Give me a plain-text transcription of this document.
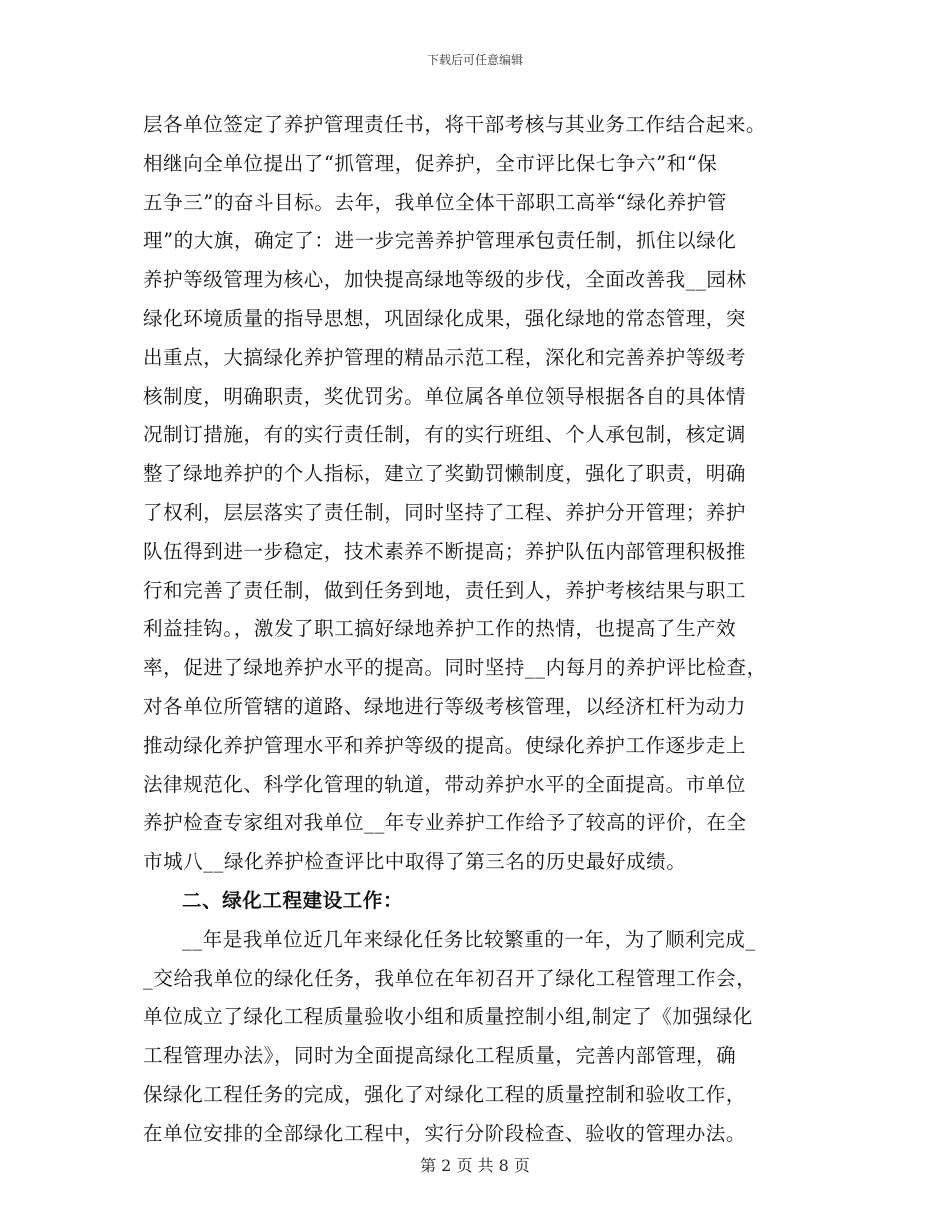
下载后可任意编辑
层各单位签定了养护管理责任书，将干部考核与其业务工作结合起来。
相继向全单位提出了“抓管理，促养护，全市评比保七争六”和“保
五争三”的奋斗目标。去年，我单位全体干部职工高举“绿化养护管
理”的大旗，确定了：进一步完善养护管理承包责任制，抓住以绿化
养护等级管理为核心，加快提高绿地等级的步伐，全面改善我__园林
绿化环境质量的指导思想，巩固绿化成果，强化绿地的常态管理，突
出重点，大搞绿化养护管理的精品示范工程，深化和完善养护等级考
核制度，明确职责，奖优罚劣。单位属各单位领导根据各自的具体情
况制订措施，有的实行责任制，有的实行班组、个人承包制，核定调
整了绿地养护的个人指标，建立了奖勤罚懒制度，强化了职责，明确
了权利，层层落实了责任制，同时坚持了工程、养护分开管理；养护
队伍得到进一步稳定，技术素养不断提高；养护队伍内部管理积极推
行和完善了责任制，做到任务到地，责任到人，养护考核结果与职工
利益挂钩。，激发了职工搞好绿地养护工作的热情，也提高了生产效
率，促进了绿地养护水平的提高。同时坚持__内每月的养护评比检查，
对各单位所管辖的道路、绿地进行等级考核管理，以经济杠杆为动力
推动绿化养护管理水平和养护等级的提高。使绿化养护工作逐步走上
法律规范化、科学化管理的轨道，带动养护水平的全面提高。市单位
养护检查专家组对我单位__年专业养护工作给予了较高的评价，在全
市城八__绿化养护检查评比中取得了第三名的历史最好成绩。
二、绿化工程建设工作：
__年是我单位近几年来绿化任务比较繁重的一年，为了顺利完成_
_交给我单位的绿化任务，我单位在年初召开了绿化工程管理工作会，
单位成立了绿化工程质量验收小组和质量控制小组,制定了《加强绿化
工程管理办法》，同时为全面提高绿化工程质量，完善内部管理，确
保绿化工程任务的完成，强化了对绿化工程的质量控制和验收工作，
在单位安排的全部绿化工程中，实行分阶段检查、验收的管理办法。
第 2 页 共 8 页
